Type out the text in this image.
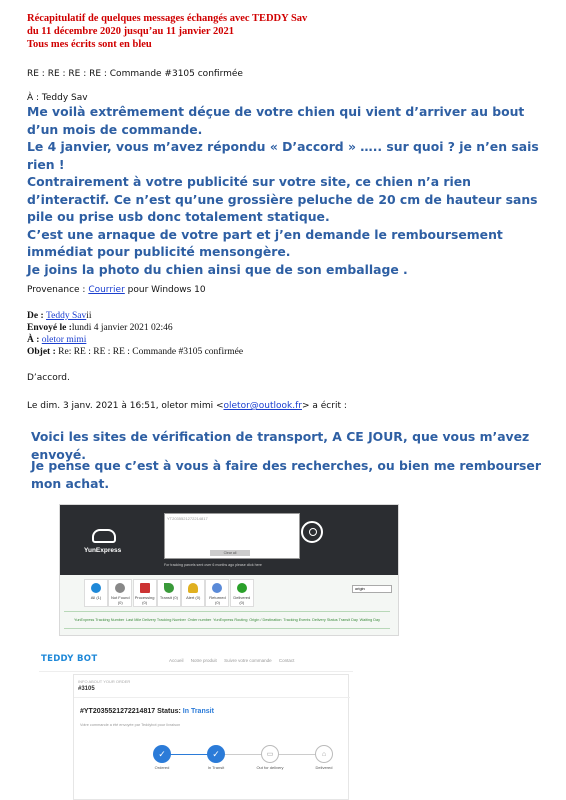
Récapitulatif de quelques messages échangés avec TEDDY Sav
du 11 décembre 2020 jusqu’au 11 janvier 2021
Tous mes écrits sont en bleu
RE : RE : RE : RE : Commande #3105 confirmée
À : Teddy Sav

Me voilà extrêmement déçue de votre chien qui vient d’arriver au bout d’un mois de commande.

Le 4 janvier, vous m’avez répondu « D’accord » ….. sur quoi ? je n’en sais rien !

Contrairement à votre publicité sur votre site, ce chien n’a rien d’interactif. Ce n’est qu’une grossière peluche de 20 cm de hauteur sans pile ou prise usb donc totalement statique.

C’est une arnaque de votre part et j’en demande le remboursement immédiat pour publicité mensongère.

Je joins la photo du chien ainsi que de son emballage .

Provenance : Courrier pour Windows 10
De : Teddy Savii
Envoyé le :lundi 4 janvier 2021 02:46
À : oletor mimi
Objet : Re: RE : RE : RE : Commande #3105 confirmée
D’accord.
Le dim. 3 janv. 2021 à 16:51, oletor mimi <oletor@outlook.fr> a écrit :
Voici les sites de vérification de transport, A CE JOUR, que vous m’avez envoyé.
Je pense que c’est à vous à faire des recherches, ou bien me rembourser mon achat.
YunExpress
YT2035521272214817
Clear all
For tracking parcels sent over 6 months ago please click here
All (1)	Not Found (0)
Processing (0)
Transit (0)	Alert (0)	Returned (0)
Delivered (0)
origin
YunExpress Tracking Number Last Mile Delivery Tracking Number Order number YunExpress Routing Origin / Destination Tracking Events Delivery Status Transit Day Waiting Day
TEDDY BOT	Accueil Notre produit Suivre votre commande Contact
INFO ABOUT YOUR ORDER
#3105
#YT2035521272214817 Status: In Transit
Votre commande a été envoyée par Teddybot pour livraison
✓
Ordered
✓
In Transit
▭
Out for delivery
⌂
Delivered
